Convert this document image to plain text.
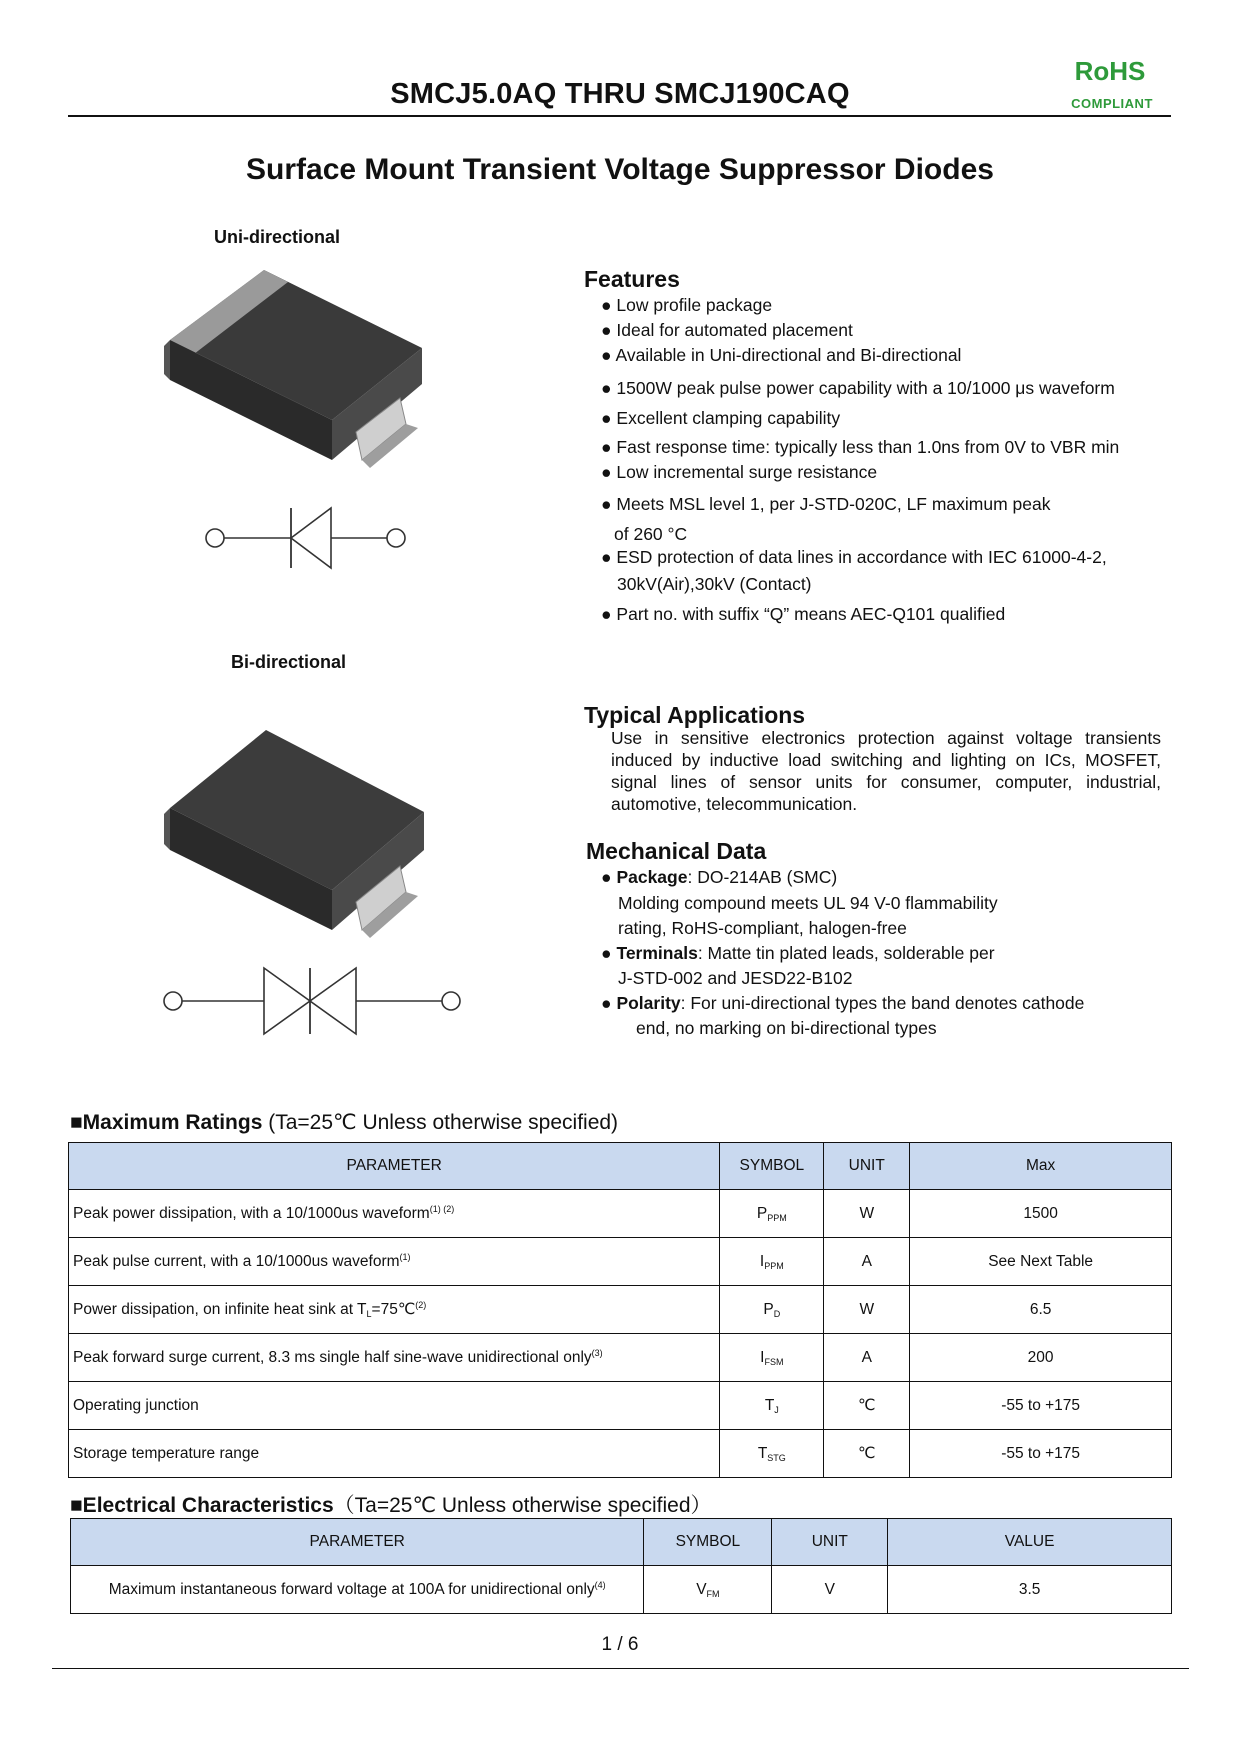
SMCJ5.0AQ THRU SMCJ190CAQ
RoHS
COMPLIANT
Surface Mount Transient Voltage Suppressor Diodes
Uni-directional
Bi-directional
Features
● Low profile package
● Ideal for automated placement
● Available in Uni-directional and Bi-directional
● 1500W peak pulse power capability with a 10/1000 μs waveform
● Excellent clamping capability
● Fast response time: typically less than 1.0ns from 0V to VBR min
● Low incremental surge resistance
● Meets MSL level 1, per J-STD-020C, LF maximum peak
of 260 °C
● ESD protection of data lines in accordance with IEC 61000-4-2,
30kV(Air),30kV (Contact)
● Part no. with suffix “Q” means AEC-Q101 qualified
Typical Applications
Use in sensitive electronics protection against voltage transients induced by inductive load switching and lighting on ICs, MOSFET, signal lines of sensor units for consumer, computer, industrial, automotive, telecommunication.
Mechanical Data
● Package: DO-214AB (SMC)
Molding compound meets UL 94 V-0 flammability
rating, RoHS-compliant, halogen-free
● Terminals: Matte tin plated leads, solderable per
J-STD-002 and JESD22-B102
● Polarity: For uni-directional types the band denotes cathode
end, no marking on bi-directional types
■Maximum Ratings (Ta=25℃ Unless otherwise specified)
PARAMETER	SYMBOL	UNIT	Max
Peak power dissipation, with a 10/1000us waveform$^{(1) (2)}$	$P_{PPM}$	W	1500
Peak pulse current, with a 10/1000us waveform$^{(1)}$	$I_{PPM}$	A	See Next Table
Power dissipation, on infinite heat sink at $T_L=75℃^{(2)}$	$P_D$	W	6.5
Peak forward surge current, 8.3 ms single half sine-wave unidirectional only$^{(3)}$	$I_{FSM}$	A	200
Operating junction	$T_J$	℃	-55 to +175
Storage temperature range	$T_{STG}$	℃	-55 to +175
■Electrical Characteristics（Ta=25℃ Unless otherwise specified）
PARAMETER	SYMBOL	UNIT	VALUE
Maximum instantaneous forward voltage at 100A for unidirectional only$^{(4)}$	$V_{FM}$	V	3.5
1 / 6
